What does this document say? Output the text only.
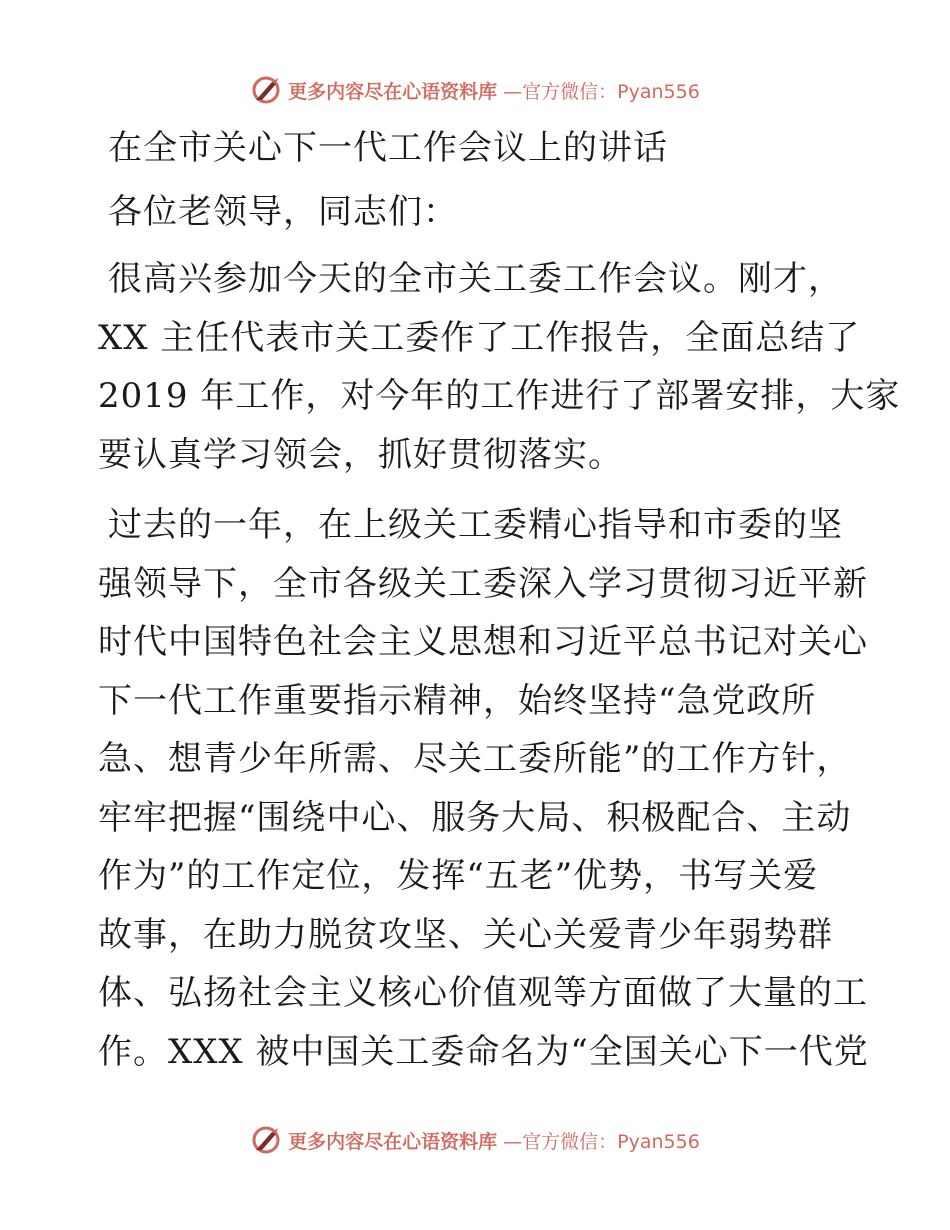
更多内容尽在心语资料库 —官方微信：Pyan556
在全市关心下一代工作会议上的讲话
各位老领导，同志们：
很高兴参加今天的全市关工委工作会议。刚才，
XX 主任代表市关工委作了工作报告，全面总结了
2019 年工作，对今年的工作进行了部署安排，大家
要认真学习领会，抓好贯彻落实。
过去的一年，在上级关工委精心指导和市委的坚
强领导下，全市各级关工委深入学习贯彻习近平新
时代中国特色社会主义思想和习近平总书记对关心
下一代工作重要指示精神，始终坚持“急党政所
急、想青少年所需、尽关工委所能”的工作方针，
牢牢把握“围绕中心、服务大局、积极配合、主动
作为”的工作定位，发挥“五老”优势，书写关爱
故事，在助力脱贫攻坚、关心关爱青少年弱势群
体、弘扬社会主义核心价值观等方面做了大量的工
作。XXX 被中国关工委命名为“全国关心下一代党
更多内容尽在心语资料库 —官方微信：Pyan556
